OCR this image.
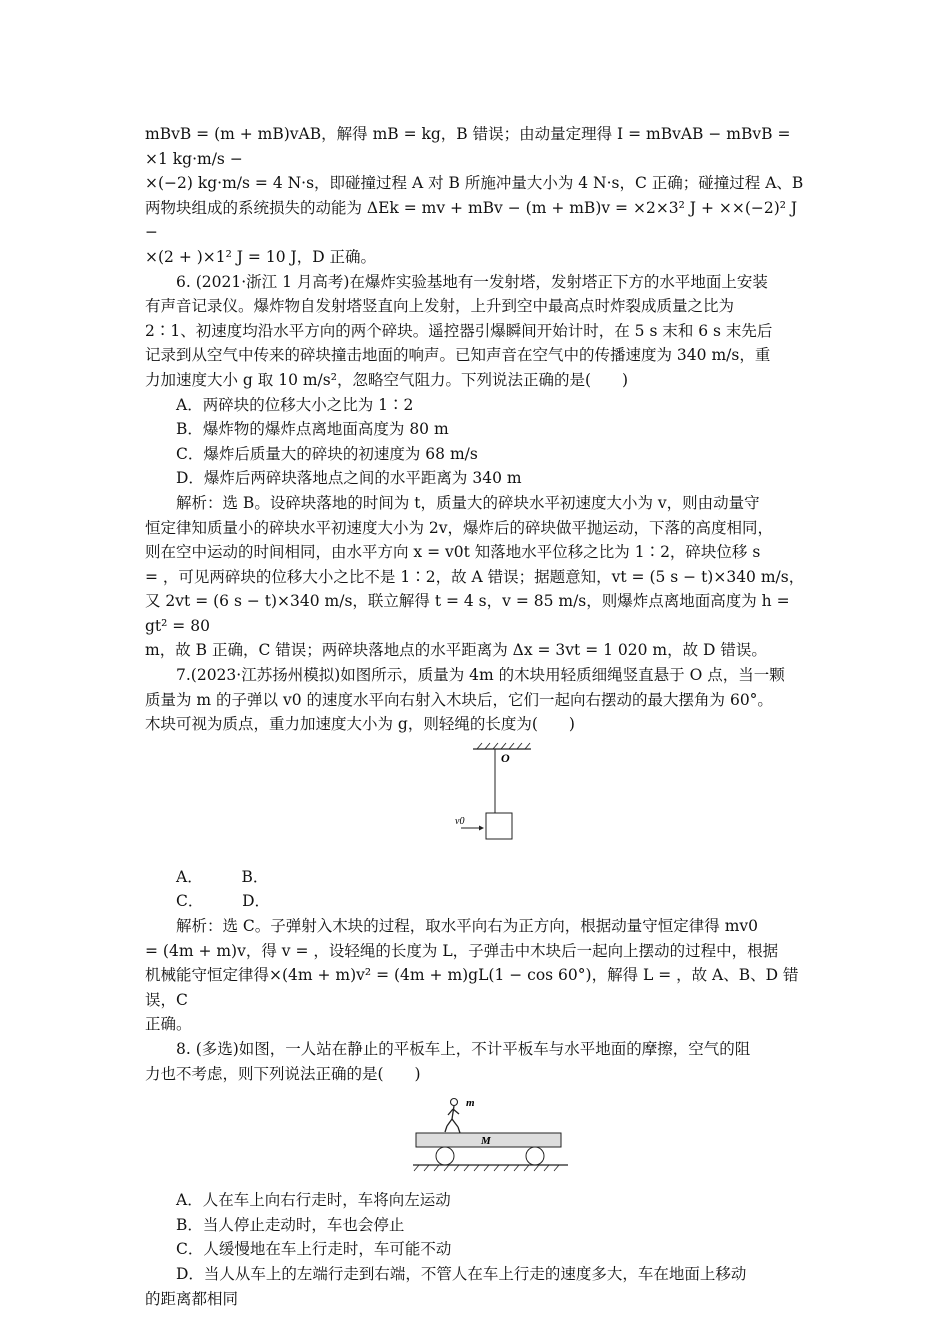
mBvB = (m + mB)vAB，解得 mB = kg，B 错误；由动量定理得 I = mBvAB − mBvB = ×1 kg·m/s −

×(−2) kg·m/s = 4 N·s，即碰撞过程 A 对 B 所施冲量大小为 4 N·s，C 正确；碰撞过程 A、B

两物块组成的系统损失的动能为 ΔEk = mv + mBv − (m + mB)v = ×2×3² J + ××(−2)² J −

×(2 + )×1² J = 10 J，D 正确。

6. (2021·浙江 1 月高考)在爆炸实验基地有一发射塔，发射塔正下方的水平地面上安装

有声音记录仪。爆炸物自发射塔竖直向上发射，上升到空中最高点时炸裂成质量之比为

2∶1、初速度均沿水平方向的两个碎块。遥控器引爆瞬间开始计时，在 5 s 末和 6 s 末先后

记录到从空气中传来的碎块撞击地面的响声。已知声音在空气中的传播速度为 340 m/s，重

力加速度大小 g 取 10 m/s²，忽略空气阻力。下列说法正确的是(　　)

A．两碎块的位移大小之比为 1∶2

B．爆炸物的爆炸点离地面高度为 80 m

C．爆炸后质量大的碎块的初速度为 68 m/s

D．爆炸后两碎块落地点之间的水平距离为 340 m

解析：选 B。设碎块落地的时间为 t，质量大的碎块水平初速度大小为 v，则由动量守

恒定律知质量小的碎块水平初速度大小为 2v，爆炸后的碎块做平抛运动，下落的高度相同，

则在空中运动的时间相同，由水平方向 x = v0t 知落地水平位移之比为 1∶2，碎块位移 s

= ，可见两碎块的位移大小之比不是 1∶2，故 A 错误；据题意知，vt = (5 s − t)×340 m/s，

又 2vt = (6 s − t)×340 m/s，联立解得 t = 4 s，v = 85 m/s，则爆炸点离地面高度为 h = gt² = 80

m，故 B 正确，C 错误；两碎块落地点的水平距离为 Δx = 3vt = 1 020 m，故 D 错误。

7.(2023·江苏扬州模拟)如图所示，质量为 4m 的木块用轻质细绳竖直悬于 O 点，当一颗

质量为 m 的子弹以 v0 的速度水平向右射入木块后，它们一起向右摆动的最大摆角为 60°。

木块可视为质点，重力加速度大小为 g，则轻绳的长度为(　　)

O
v0

A．　　　B．

C．　　　D．

解析：选 C。子弹射入木块的过程，取水平向右为正方向，根据动量守恒定律得 mv0

= (4m + m)v，得 v = ，设轻绳的长度为 L，子弹击中木块后一起向上摆动的过程中，根据

机械能守恒定律得×(4m + m)v² = (4m + m)gL(1 − cos 60°)，解得 L = ，故 A、B、D 错误，C

正确。

8. (多选)如图，一人站在静止的平板车上，不计平板车与水平地面的摩擦，空气的阻

力也不考虑，则下列说法正确的是(　　)

m
M

A．人在车上向右行走时，车将向左运动

B．当人停止走动时，车也会停止

C．人缓慢地在车上行走时，车可能不动

D．当人从车上的左端行走到右端，不管人在车上行走的速度多大，车在地面上移动

的距离都相同
